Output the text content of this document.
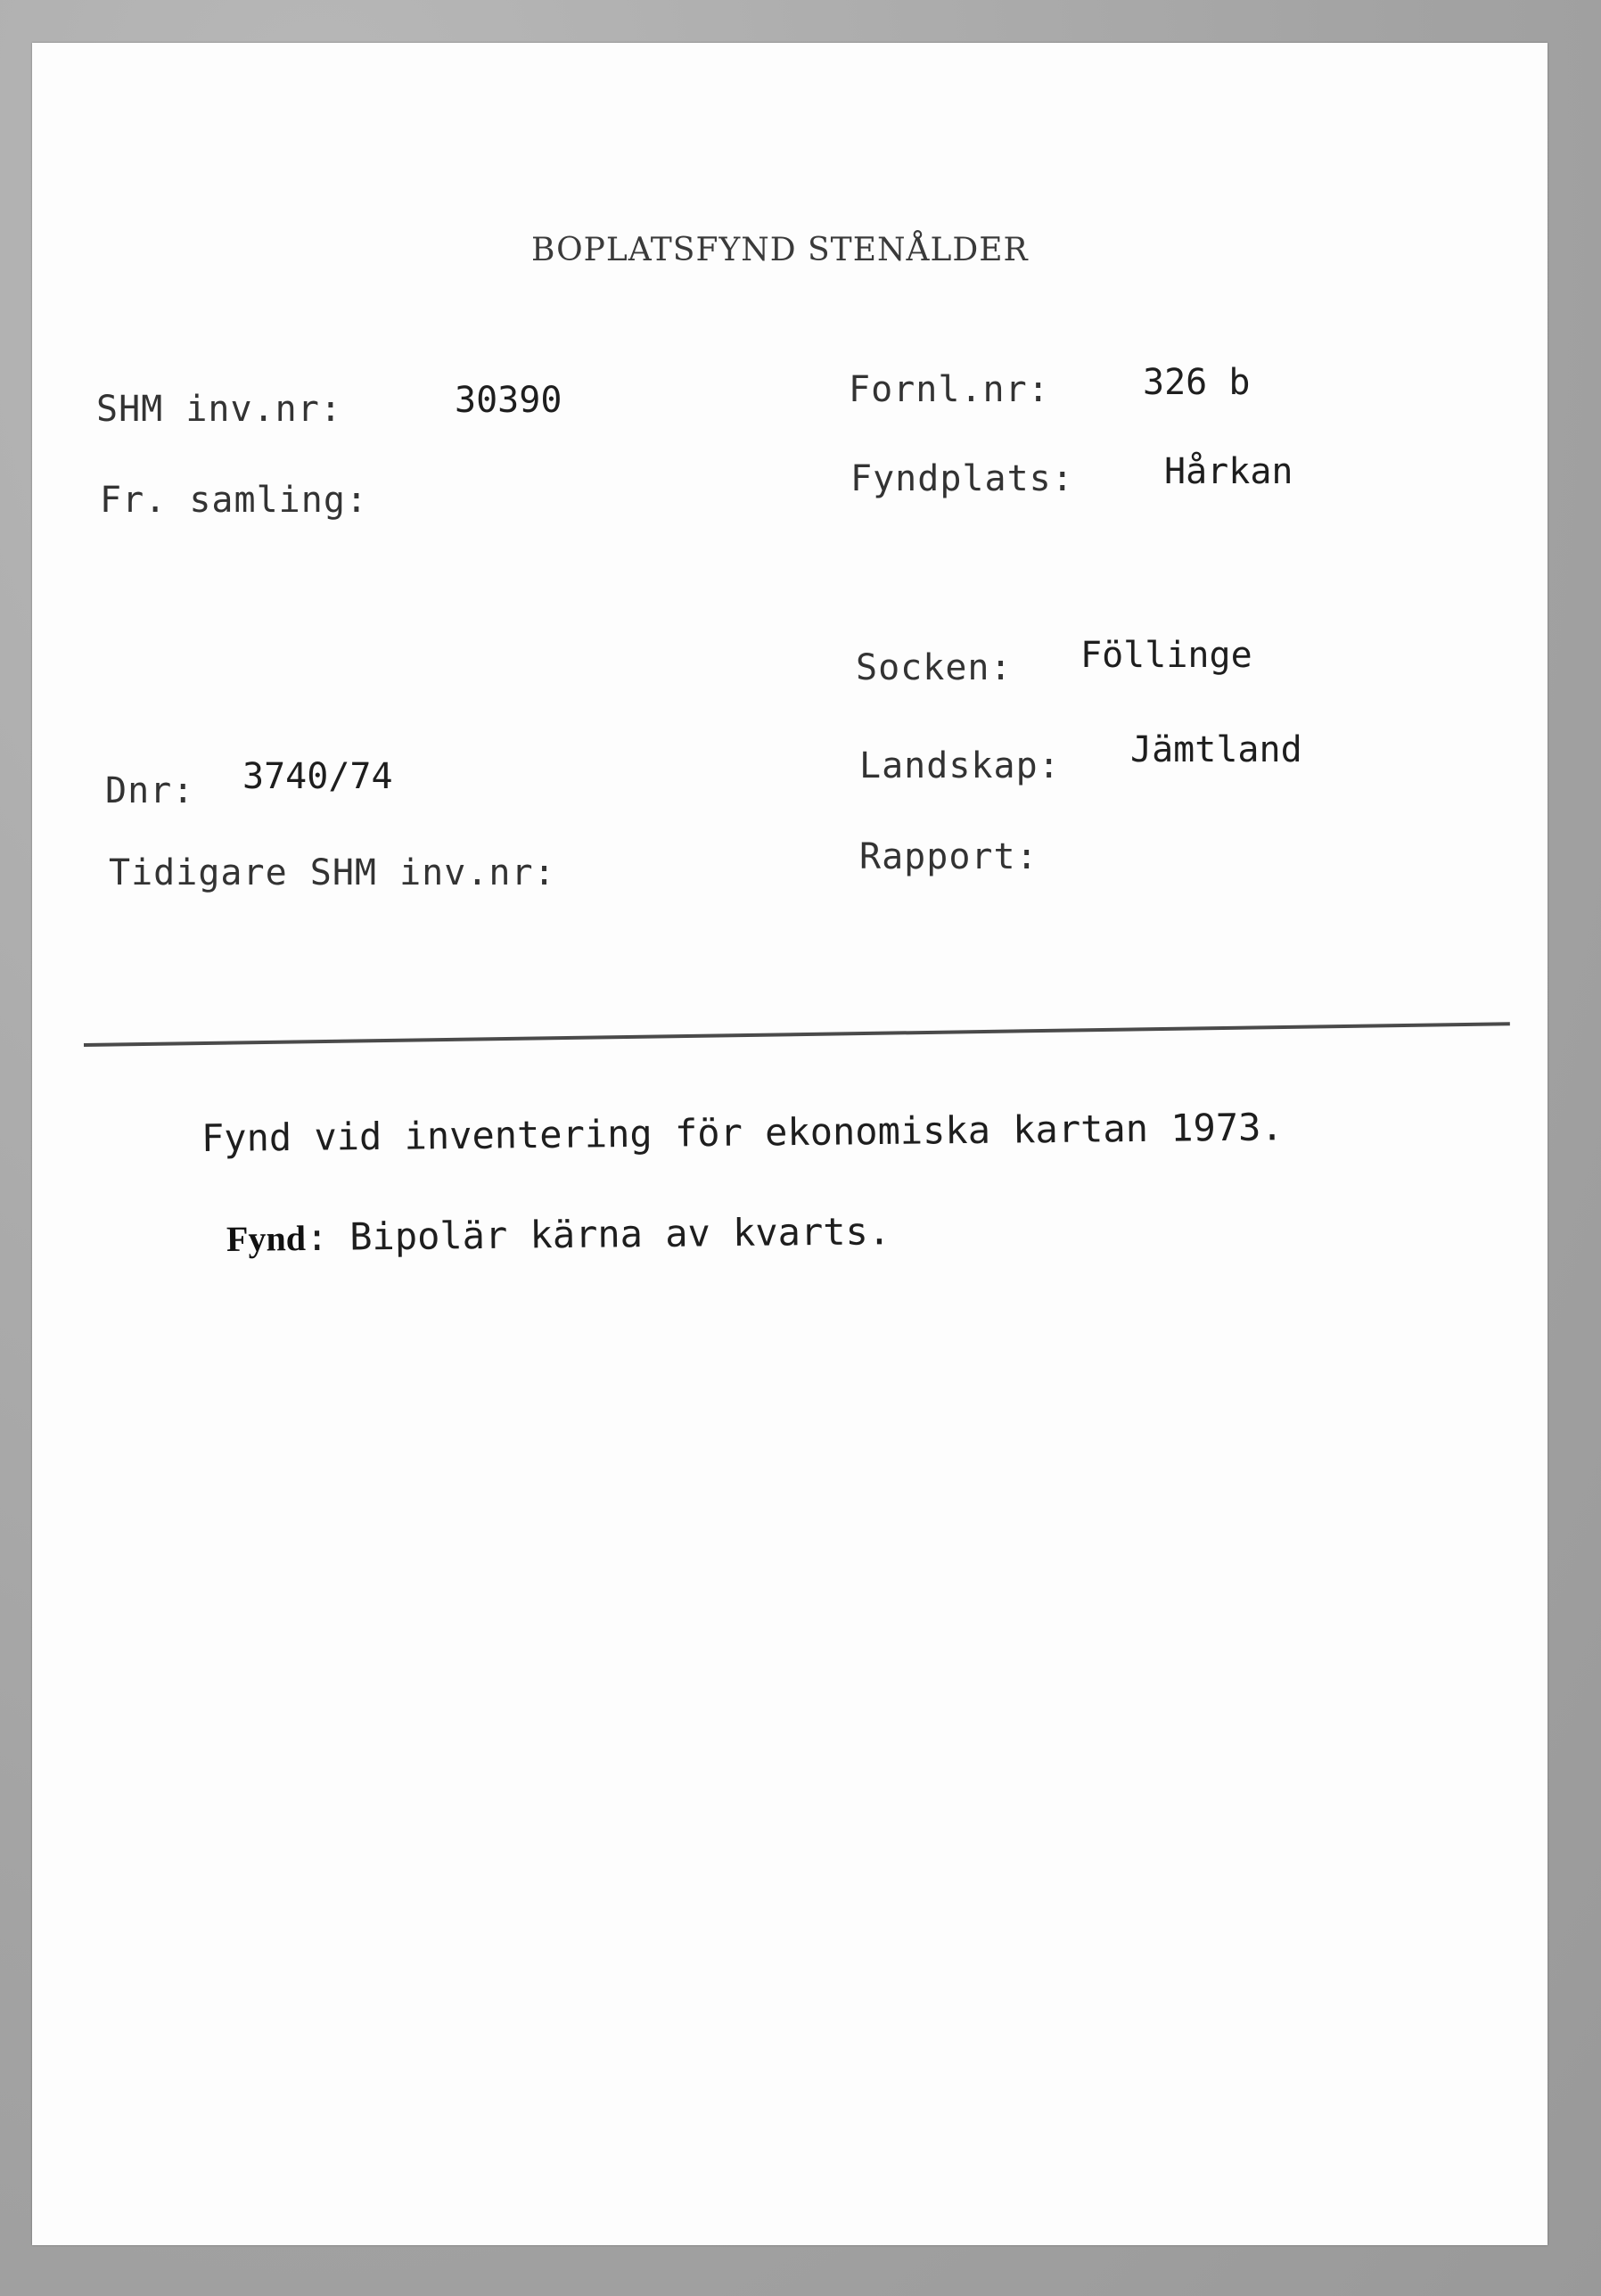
BOPLATSFYND STENÅLDER
SHM inv.nr:	30390
Fr. samling:
Dnr: 3740/74
Tidigare SHM inv.nr:
Fornl.nr:	326 b
Fyndplats:	Hårkan
Socken: Föllinge
Landskap: Jämtland
Rapport:
Fynd vid inventering för ekonomiska kartan 1973.
Fynd: Bipolär kärna av kvarts.
